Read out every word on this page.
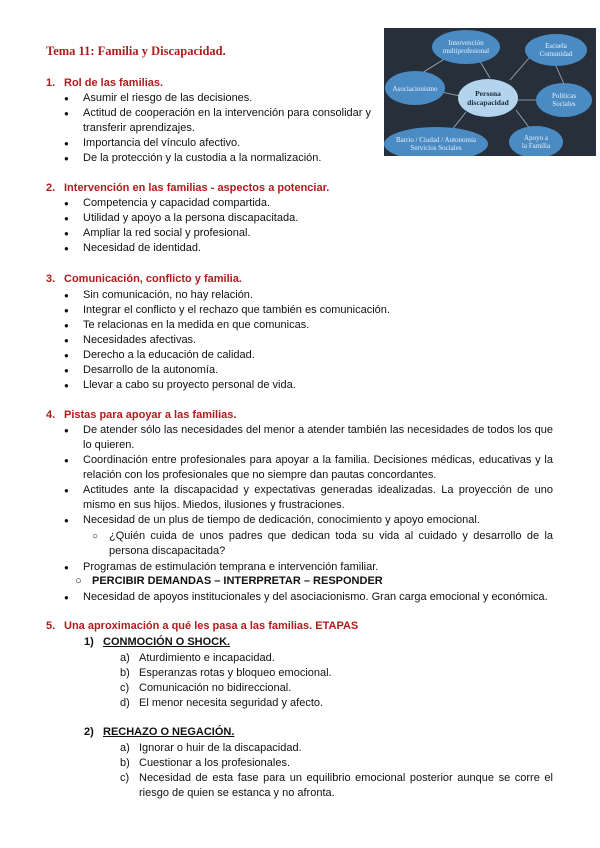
Tema 11: Familia y Discapacidad.
Intervención
multiprofesional
Escuela
Comunidad
Asociacionismo
Políticas
Sociales
Barrio / Ciudad / Autonomía
Servicios Sociales
Apoyo a
la Familia
Persona
discapacidad
1. Rol de las familias.
● Asumir el riesgo de las decisiones.
● Actitud de cooperación en la intervención para consolidar y transferir aprendizajes.
● Importancia del vínculo afectivo.
● De la protección y la custodia a la normalización.
2. Intervención en las familias - aspectos a potenciar.
● Competencia y capacidad compartida.
● Utilidad y apoyo a la persona discapacitada.
● Ampliar la red social y profesional.
● Necesidad de identidad.
3. Comunicación, conflicto y familia.
● Sin comunicación, no hay relación.
● Integrar el conflicto y el rechazo que también es comunicación.
● Te relacionas en la medida en que comunicas.
● Necesidades afectivas.
● Derecho a la educación de calidad.
● Desarrollo de la autonomía.
● Llevar a cabo su proyecto personal de vida.
4. Pistas para apoyar a las familias.
● De atender sólo las necesidades del menor a atender también las necesidades de todos los que lo quieren.
● Coordinación entre profesionales para apoyar a la familia. Decisiones médicas, educativas y la relación con los profesionales que no siempre dan pautas concordantes.
● Actitudes ante la discapacidad y expectativas generadas idealizadas. La proyección de uno mismo en sus hijos. Miedos, ilusiones y frustraciones.
● Necesidad de un plus de tiempo de dedicación, conocimiento y apoyo emocional.
○ ¿Quién cuida de unos padres que dedican toda su vida al cuidado y desarrollo de la persona discapacitada?
● Programas de estimulación temprana e intervención familiar.
○ PERCIBIR DEMANDAS – INTERPRETAR – RESPONDER
● Necesidad de apoyos institucionales y del asociacionismo. Gran carga emocional y económica.
5. Una aproximación a qué les pasa a las familias. ETAPAS
1) CONMOCIÓN O SHOCK.
a) Aturdimiento e incapacidad.
b) Esperanzas rotas y bloqueo emocional.
c) Comunicación no bidireccional.
d) El menor necesita seguridad y afecto.
2) RECHAZO O NEGACIÓN.
a) Ignorar o huir de la discapacidad.
b) Cuestionar a los profesionales.
c) Necesidad de esta fase para un equilibrio emocional posterior aunque se corre el riesgo de quien se estanca y no afronta.
